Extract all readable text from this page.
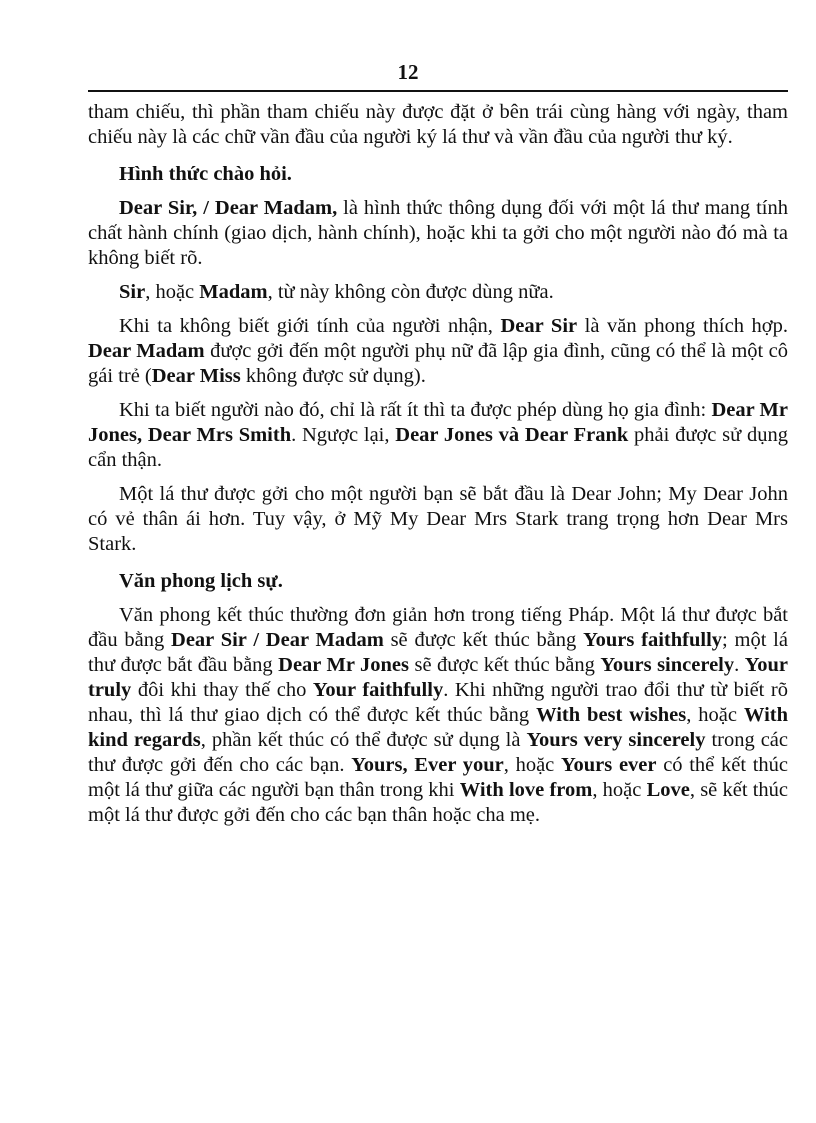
12

tham chiếu, thì phần tham chiếu này được đặt ở bên trái cùng hàng với ngày, tham chiếu này là các chữ vần đầu của người ký lá thư và vần đầu của người thư ký.

Hình thức chào hỏi.

Dear Sir, / Dear Madam, là hình thức thông dụng đối với một lá thư mang tính chất hành chính (giao dịch, hành chính), hoặc khi ta gởi cho một người nào đó mà ta không biết rõ.

Sir, hoặc Madam, từ này không còn được dùng nữa.

Khi ta không biết giới tính của người nhận, Dear Sir là văn phong thích hợp. Dear Madam được gởi đến một người phụ nữ đã lập gia đình, cũng có thể là một cô gái trẻ (Dear Miss không được sử dụng).

Khi ta biết người nào đó, chỉ là rất ít thì ta được phép dùng họ gia đình: Dear Mr Jones, Dear Mrs Smith. Ngược lại, Dear Jones và Dear Frank phải được sử dụng cẩn thận.

Một lá thư được gởi cho một người bạn sẽ bắt đầu là Dear John; My Dear John có vẻ thân ái hơn. Tuy vậy, ở Mỹ My Dear Mrs Stark trang trọng hơn Dear Mrs Stark.

Văn phong lịch sự.

Văn phong kết thúc thường đơn giản hơn trong tiếng Pháp. Một lá thư được bắt đầu bằng Dear Sir / Dear Madam sẽ được kết thúc bằng Yours faithfully; một lá thư được bắt đầu bằng Dear Mr Jones sẽ được kết thúc bằng Yours sincerely. Your truly đôi khi thay thế cho Your faithfully. Khi những người trao đổi thư từ biết rõ nhau, thì lá thư giao dịch có thể được kết thúc bằng With best wishes, hoặc With kind regards, phần kết thúc có thể được sử dụng là Yours very sincerely trong các thư được gởi đến cho các bạn. Yours, Ever your, hoặc Yours ever có thể kết thúc một lá thư giữa các người bạn thân trong khi With love from, hoặc Love, sẽ kết thúc một lá thư được gởi đến cho các bạn thân hoặc cha mẹ.
